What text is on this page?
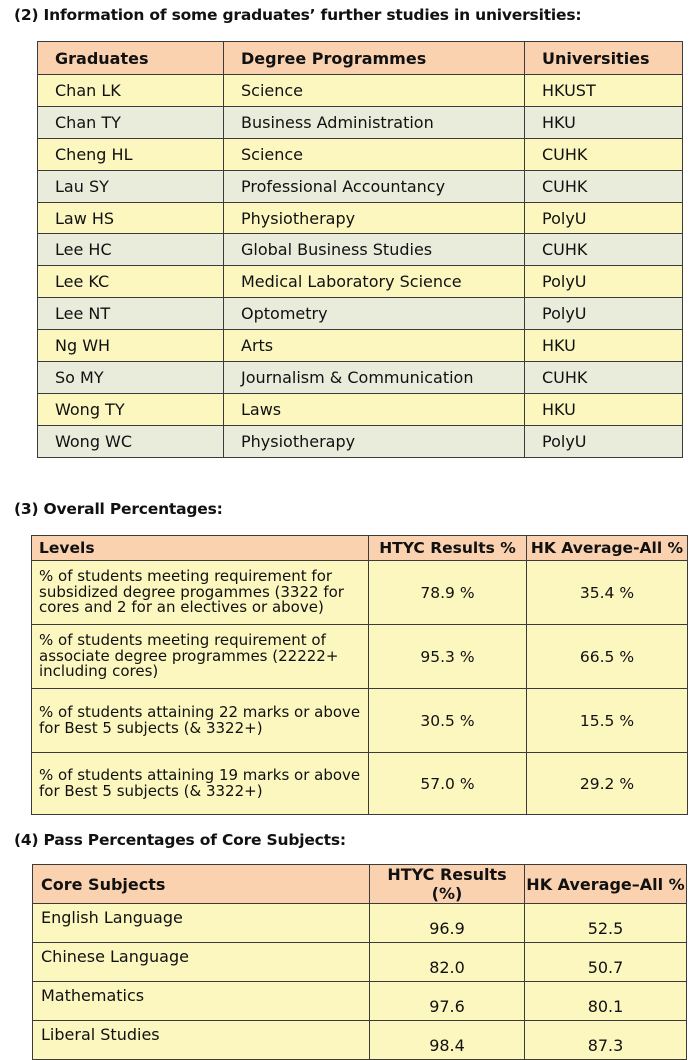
(2) Information of some graduates’ further studies in universities:
Graduates	Degree Programmes	Universities
Chan LK	Science	HKUST
Chan TY	Business Administration	HKU
Cheng HL	Science	CUHK
Lau SY	Professional Accountancy	CUHK
Law HS	Physiotherapy	PolyU
Lee HC	Global Business Studies	CUHK
Lee KC	Medical Laboratory Science	PolyU
Lee NT	Optometry	PolyU
Ng WH	Arts	HKU
So MY	Journalism & Communication	CUHK
Wong TY	Laws	HKU
Wong WC	Physiotherapy	PolyU
(3) Overall Percentages:
Levels	HTYC Results %	HK Average-All %
% of students meeting requirement for subsidized degree progammes (3322 for cores and 2 for an electives or above)	78.9 %	35.4 %
% of students meeting requirement of associate degree programmes (22222+ including cores)	95.3 %	66.5 %
% of students attaining 22 marks or above for Best 5 subjects (& 3322+)	30.5 %	15.5 %
% of students attaining 19 marks or above for Best 5 subjects (& 3322+)	57.0 %	29.2 %
(4) Pass Percentages of Core Subjects:
Core Subjects	HTYC Results (%)	HK Average–All %
English Language	96.9	52.5
Chinese Language	82.0	50.7
Mathematics	97.6	80.1
Liberal Studies	98.4	87.3
